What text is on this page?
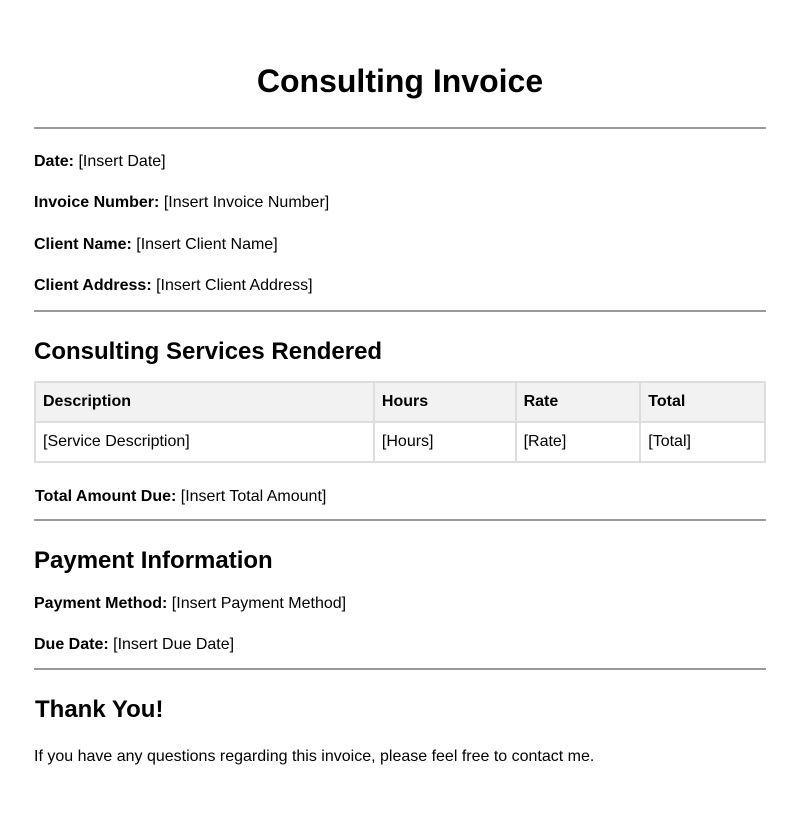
Consulting Invoice

Date: [Insert Date]

Invoice Number: [Insert Invoice Number]

Client Name: [Insert Client Name]

Client Address: [Insert Client Address]

Consulting Services Rendered
Description	Hours	Rate	Total
[Service Description]	[Hours]	[Rate]	[Total]

Total Amount Due: [Insert Total Amount]

Payment Information

Payment Method: [Insert Payment Method]

Due Date: [Insert Due Date]

Thank You!

If you have any questions regarding this invoice, please feel free to contact me.
